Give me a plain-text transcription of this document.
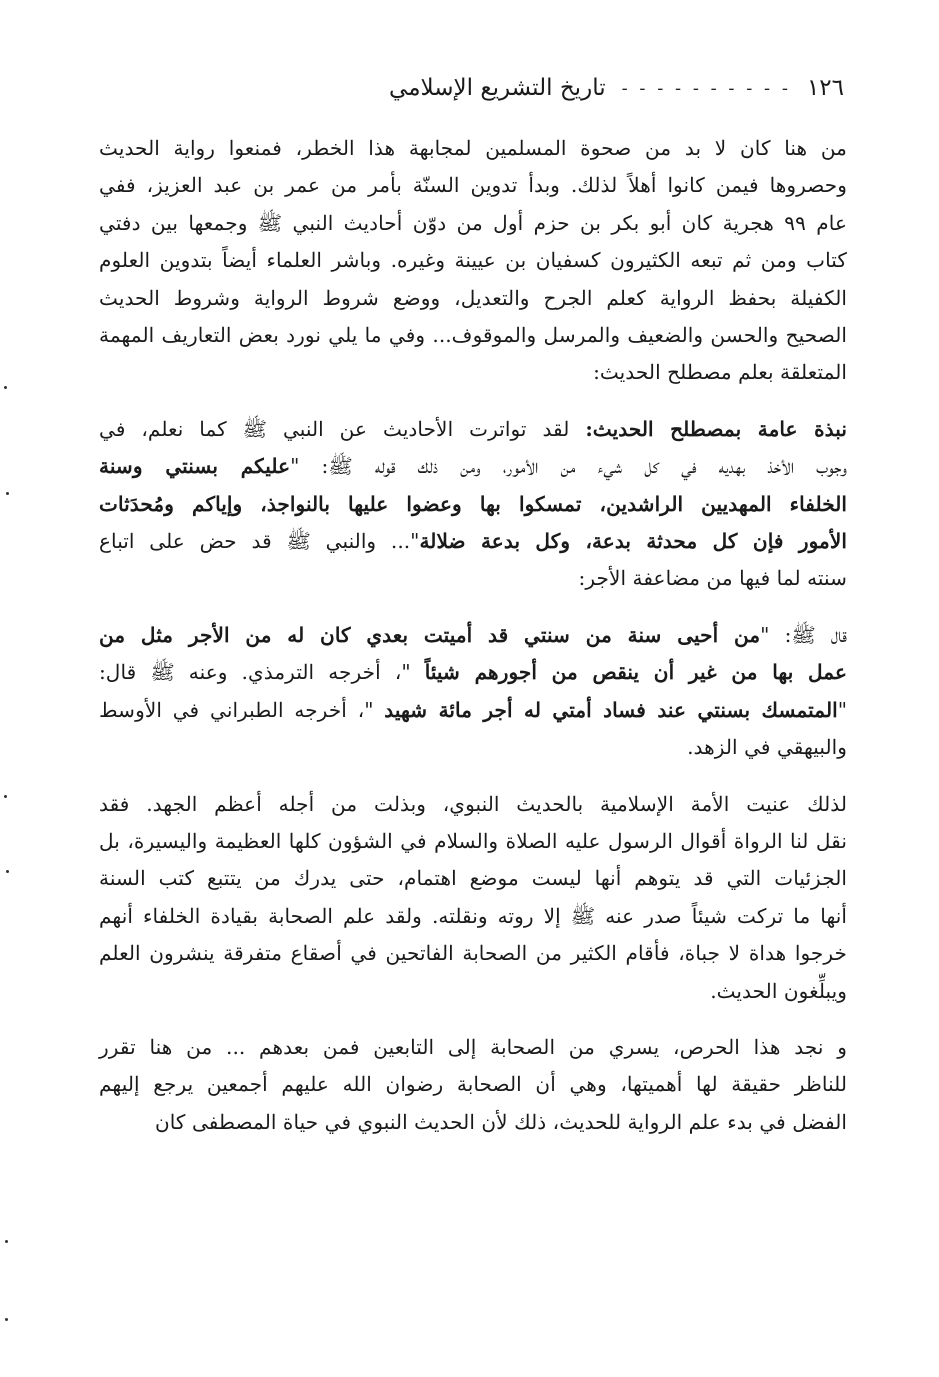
١٢٦
- - - - - - - - - -
تاريخ التشريع الإسلامي

من هنا كان لا بد من صحوة المسلمين لمجابهة هذا الخطر، فمنعوا رواية الحديث
وحصروها فيمن كانوا أهلاً لذلك. وبدأ تدوين السنّة بأمر من عمر بن عبد العزيز، ففي
عام ٩٩ هجرية كان أبو بكر بن حزم أول من دوّن أحاديث النبي ﷺ وجمعها بين دفتي
كتاب ومن ثم تبعه الكثيرون كسفيان بن عيينة وغيره. وباشر العلماء أيضاً بتدوين العلوم
الكفيلة بحفظ الرواية كعلم الجرح والتعديل، ووضع شروط الرواية وشروط الحديث
الصحيح والحسن والضعيف والمرسل والموقوف... وفي ما يلي نورد بعض التعاريف المهمة
المتعلقة بعلم مصطلح الحديث:

نبذة عامة بمصطلح الحديث: لقد تواترت الأحاديث عن النبي ﷺ كما نعلم، في
وجوب الأخذ بهديه في كل شيء من الأمور، ومن ذلك قوله ﷺ: "عليكم بسنتي وسنة
الخلفاء المهديين الراشدين، تمسكوا بها وعضوا عليها بالنواجذ، وإياكم ومُحدَثات
الأمور فإن كل محدثة بدعة، وكل بدعة ضلالة"... والنبي ﷺ قد حض على اتباع
سنته لما فيها من مضاعفة الأجر:

قال ﷺ: "من أحيى سنة من سنتي قد أميتت بعدي كان له من الأجر مثل من
عمل بها من غير أن ينقص من أجورهم شيئاً "، أخرجه الترمذي. وعنه ﷺ قال:
"المتمسك بسنتي عند فساد أمتي له أجر مائة شهيد "، أخرجه الطبراني في الأوسط
والبيهقي في الزهد.

لذلك عنيت الأمة الإسلامية بالحديث النبوي، وبذلت من أجله أعظم الجهد. فقد
نقل لنا الرواة أقوال الرسول عليه الصلاة والسلام في الشؤون كلها العظيمة واليسيرة، بل
الجزئيات التي قد يتوهم أنها ليست موضع اهتمام، حتى يدرك من يتتبع كتب السنة
أنها ما تركت شيئاً صدر عنه ﷺ إلا روته ونقلته. ولقد علم الصحابة بقيادة الخلفاء أنهم
خرجوا هداة لا جباة، فأقام الكثير من الصحابة الفاتحين في أصقاع متفرقة ينشرون العلم
ويبلِّغون الحديث.

و نجد هذا الحرص، يسري من الصحابة إلى التابعين فمن بعدهم ... من هنا تقرر
للناظر حقيقة لها أهميتها، وهي أن الصحابة رضوان الله عليهم أجمعين يرجع إليهم
الفضل في بدء علم الرواية للحديث، ذلك لأن الحديث النبوي في حياة المصطفى كان
